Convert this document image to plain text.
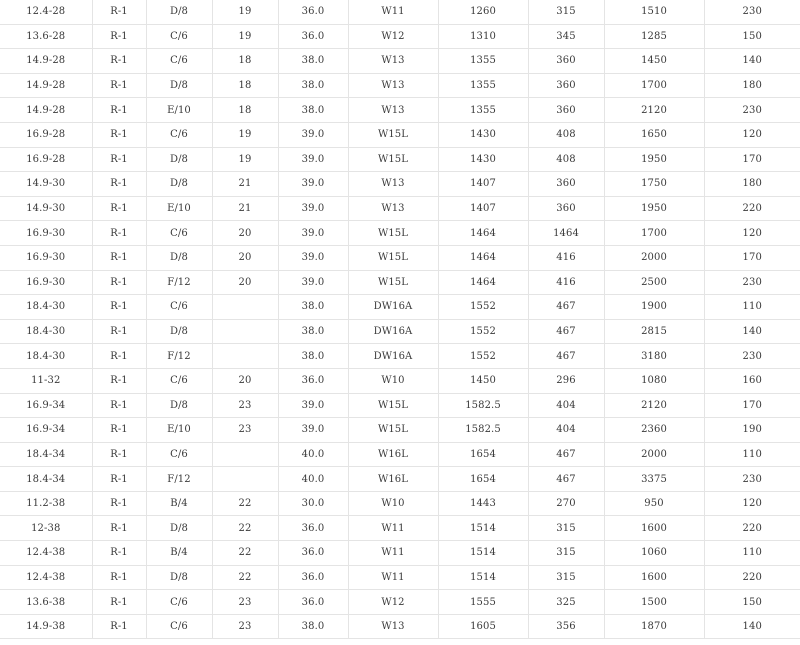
12.4-28	R-1	D/8	19	36.0	W11	1260	315	1510	230
13.6-28	R-1	C/6	19	36.0	W12	1310	345	1285	150
14.9-28	R-1	C/6	18	38.0	W13	1355	360	1450	140
14.9-28	R-1	D/8	18	38.0	W13	1355	360	1700	180
14.9-28	R-1	E/10	18	38.0	W13	1355	360	2120	230
16.9-28	R-1	C/6	19	39.0	W15L	1430	408	1650	120
16.9-28	R-1	D/8	19	39.0	W15L	1430	408	1950	170
14.9-30	R-1	D/8	21	39.0	W13	1407	360	1750	180
14.9-30	R-1	E/10	21	39.0	W13	1407	360	1950	220
16.9-30	R-1	C/6	20	39.0	W15L	1464	1464	1700	120
16.9-30	R-1	D/8	20	39.0	W15L	1464	416	2000	170
16.9-30	R-1	F/12	20	39.0	W15L	1464	416	2500	230
18.4-30	R-1	C/6		38.0	DW16A	1552	467	1900	110
18.4-30	R-1	D/8		38.0	DW16A	1552	467	2815	140
18.4-30	R-1	F/12		38.0	DW16A	1552	467	3180	230
11-32	R-1	C/6	20	36.0	W10	1450	296	1080	160
16.9-34	R-1	D/8	23	39.0	W15L	1582.5	404	2120	170
16.9-34	R-1	E/10	23	39.0	W15L	1582.5	404	2360	190
18.4-34	R-1	C/6		40.0	W16L	1654	467	2000	110
18.4-34	R-1	F/12		40.0	W16L	1654	467	3375	230
11.2-38	R-1	B/4	22	30.0	W10	1443	270	950	120
12-38	R-1	D/8	22	36.0	W11	1514	315	1600	220
12.4-38	R-1	B/4	22	36.0	W11	1514	315	1060	110
12.4-38	R-1	D/8	22	36.0	W11	1514	315	1600	220
13.6-38	R-1	C/6	23	36.0	W12	1555	325	1500	150
14.9-38	R-1	C/6	23	38.0	W13	1605	356	1870	140
